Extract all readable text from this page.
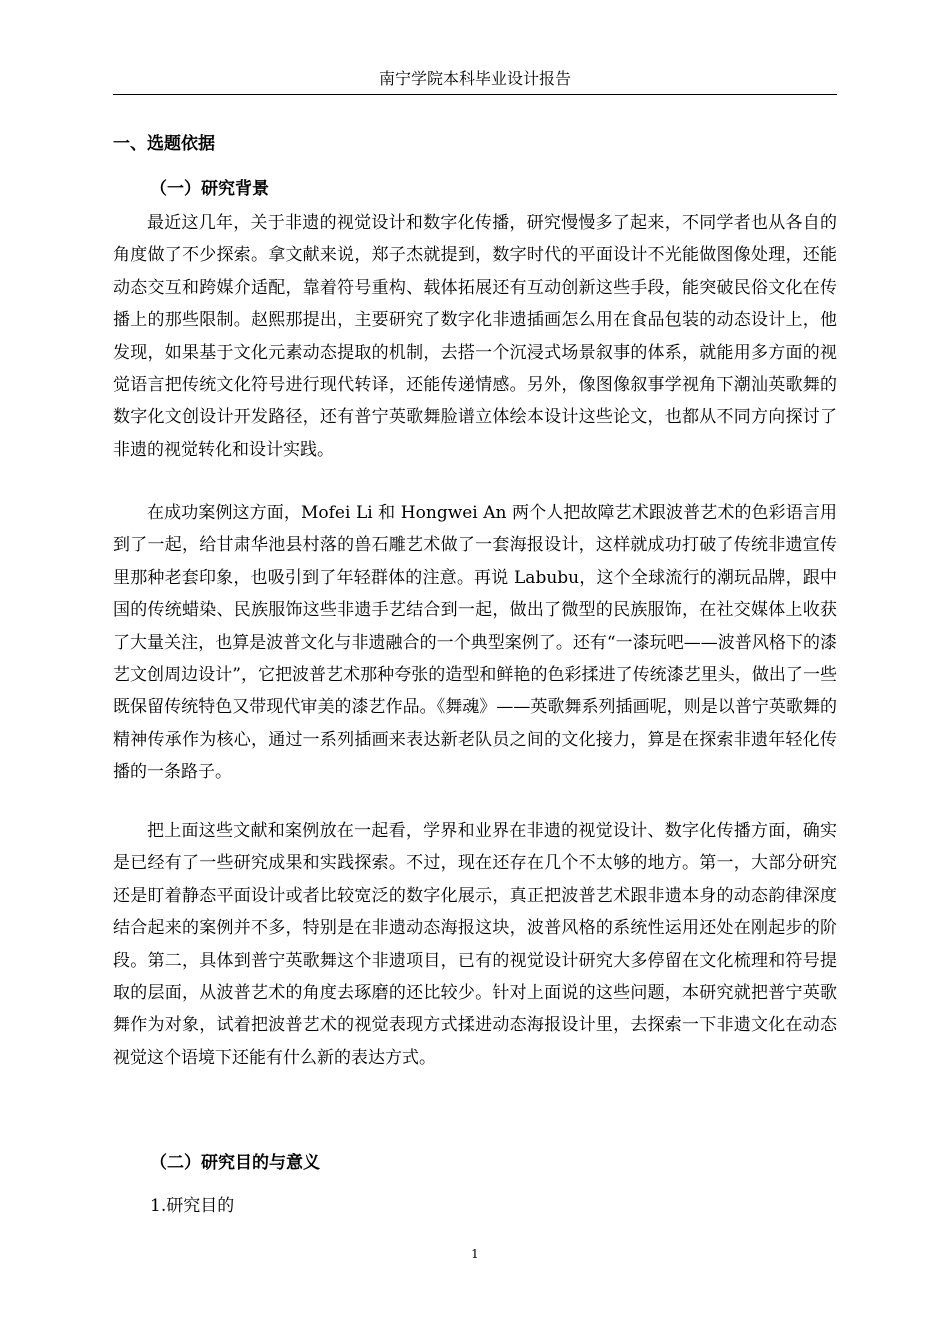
南宁学院本科毕业设计报告
一、选题依据
（一）研究背景

最近这几年，关于非遗的视觉设计和数字化传播，研究慢慢多了起来，不同学者也从各自的角度做了不少探索。拿文献来说，郑子杰就提到，数字时代的平面设计不光能做图像处理，还能动态交互和跨媒介适配，靠着符号重构、载体拓展还有互动创新这些手段，能突破民俗文化在传播上的那些限制。赵熙那提出，主要研究了数字化非遗插画怎么用在食品包装的动态设计上，他发现，如果基于文化元素动态提取的机制，去搭一个沉浸式场景叙事的体系，就能用多方面的视觉语言把传统文化符号进行现代转译，还能传递情感。另外，像图像叙事学视角下潮汕英歌舞的数字化文创设计开发路径，还有普宁英歌舞脸谱立体绘本设计这些论文，也都从不同方向探讨了非遗的视觉转化和设计实践。

在成功案例这方面，Mofei Li 和 Hongwei An 两个人把故障艺术跟波普艺术的色彩语言用到了一起，给甘肃华池县村落的兽石雕艺术做了一套海报设计，这样就成功打破了传统非遗宣传里那种老套印象，也吸引到了年轻群体的注意。再说 Labubu，这个全球流行的潮玩品牌，跟中国的传统蜡染、民族服饰这些非遗手艺结合到一起，做出了微型的民族服饰，在社交媒体上收获了大量关注，也算是波普文化与非遗融合的一个典型案例了。还有“一漆玩吧——波普风格下的漆艺文创周边设计”，它把波普艺术那种夸张的造型和鲜艳的色彩揉进了传统漆艺里头，做出了一些既保留传统特色又带现代审美的漆艺作品。《舞魂》——英歌舞系列插画呢，则是以普宁英歌舞的精神传承作为核心，通过一系列插画来表达新老队员之间的文化接力，算是在探索非遗年轻化传播的一条路子。

把上面这些文献和案例放在一起看，学界和业界在非遗的视觉设计、数字化传播方面，确实是已经有了一些研究成果和实践探索。不过，现在还存在几个不太够的地方。第一，大部分研究还是盯着静态平面设计或者比较宽泛的数字化展示，真正把波普艺术跟非遗本身的动态韵律深度结合起来的案例并不多，特别是在非遗动态海报这块，波普风格的系统性运用还处在刚起步的阶段。第二，具体到普宁英歌舞这个非遗项目，已有的视觉设计研究大多停留在文化梳理和符号提取的层面，从波普艺术的角度去琢磨的还比较少。针对上面说的这些问题，本研究就把普宁英歌舞作为对象，试着把波普艺术的视觉表现方式揉进动态海报设计里，去探索一下非遗文化在动态视觉这个语境下还能有什么新的表达方式。

（二）研究目的与意义
1.研究目的
1
